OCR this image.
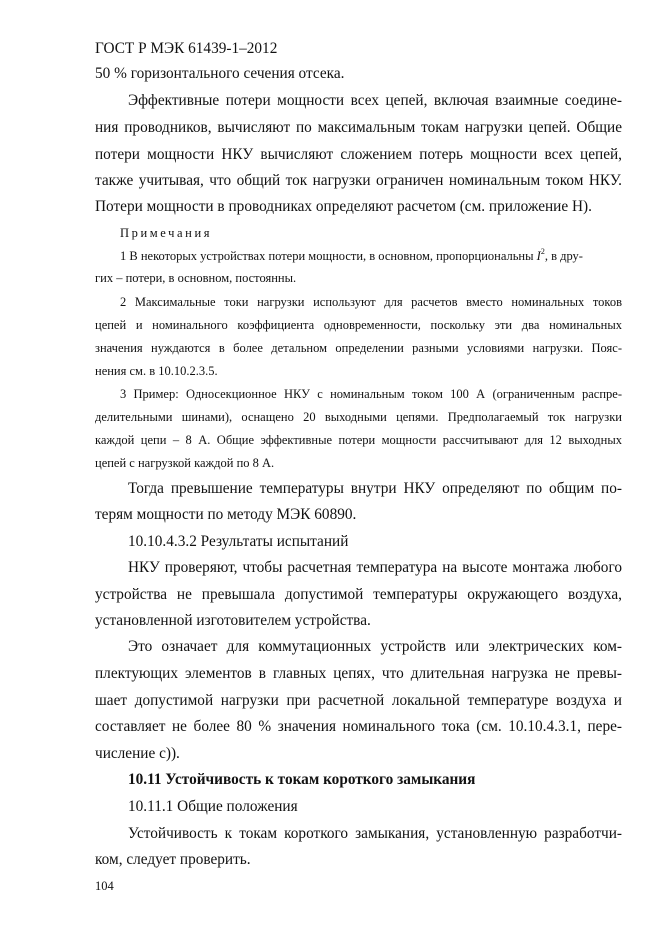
ГОСТ Р МЭК 61439-1–2012
50 % горизонтального сечения отсека.
Эффективные потери мощности всех цепей, включая взаимные соедине-
ния проводников, вычисляют по максимальным токам нагрузки цепей. Общие
потери мощности НКУ вычисляют сложением потерь мощности всех цепей,
также учитывая, что общий ток нагрузки ограничен номинальным током НКУ.
Потери мощности в проводниках определяют расчетом (см. приложение Н).
Примечания
1 В некоторых устройствах потери мощности, в основном, пропорциональны $I^2$, в дру-
гих – потери, в основном, постоянны.
2 Максимальные токи нагрузки используют для расчетов вместо номинальных токов
цепей и номинального коэффициента одновременности, поскольку эти два номинальных
значения нуждаются в более детальном определении разными условиями нагрузки. Пояс-
нения см. в 10.10.2.3.5.
3 Пример: Односекционное НКУ с номинальным током 100 А (ограниченным распре-
делительными шинами), оснащено 20 выходными цепями. Предполагаемый ток нагрузки
каждой цепи – 8 А. Общие эффективные потери мощности рассчитывают для 12 выходных
цепей с нагрузкой каждой по 8 А.
Тогда превышение температуры внутри НКУ определяют по общим по-
терям мощности по методу МЭК 60890.
10.10.4.3.2 Результаты испытаний
НКУ проверяют, чтобы расчетная температура на высоте монтажа любого
устройства не превышала допустимой температуры окружающего воздуха,
установленной изготовителем устройства.
Это означает для коммутационных устройств или электрических ком-
плектующих элементов в главных цепях, что длительная нагрузка не превы-
шает допустимой нагрузки при расчетной локальной температуре воздуха и
составляет не более 80 % значения номинального тока (см. 10.10.4.3.1, пере-
числение с)).
10.11 Устойчивость к токам короткого замыкания
10.11.1 Общие положения
Устойчивость к токам короткого замыкания, установленную разработчи-
ком, следует проверить.
104
